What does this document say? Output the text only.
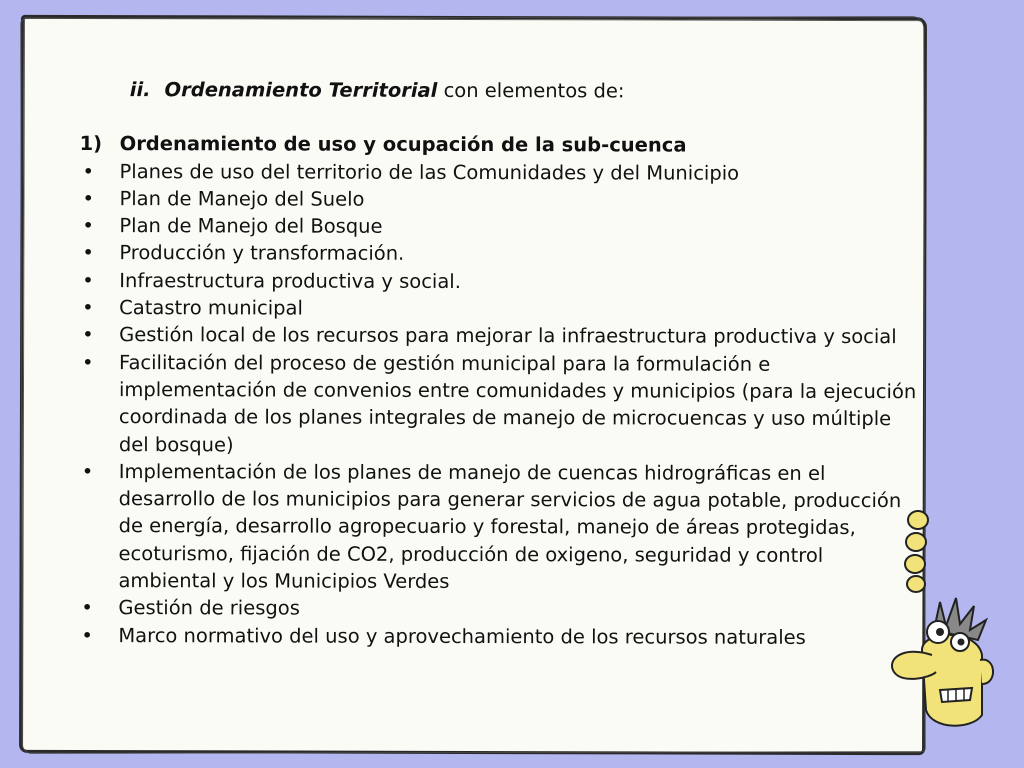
ii. Ordenamiento Territorial con elementos de:
1) Ordenamiento de uso y ocupación de la sub-cuenca
•	Planes de uso del territorio de las Comunidades y del Municipio
•	Plan de Manejo del Suelo
•	Plan de Manejo del Bosque
•	Producción y transformación.
•	Infraestructura productiva y social.
•	Catastro municipal
•	Gestión local de los recursos para mejorar la infraestructura productiva y social
•	Facilitación del proceso de gestión municipal para la formulación e implementación de convenios entre comunidades y municipios (para la ejecución coordinada de los planes integrales de manejo de microcuencas y uso múltiple del bosque)
•	Implementación de los planes de manejo de cuencas hidrográficas en el desarrollo de los municipios para generar servicios de agua potable, producción de energía, desarrollo agropecuario y forestal, manejo de áreas protegidas, ecoturismo, fijación de CO2, producción de oxigeno, seguridad y control ambiental y los Municipios Verdes
•	Gestión de riesgos
•	Marco normativo del uso y aprovechamiento de los recursos naturales
